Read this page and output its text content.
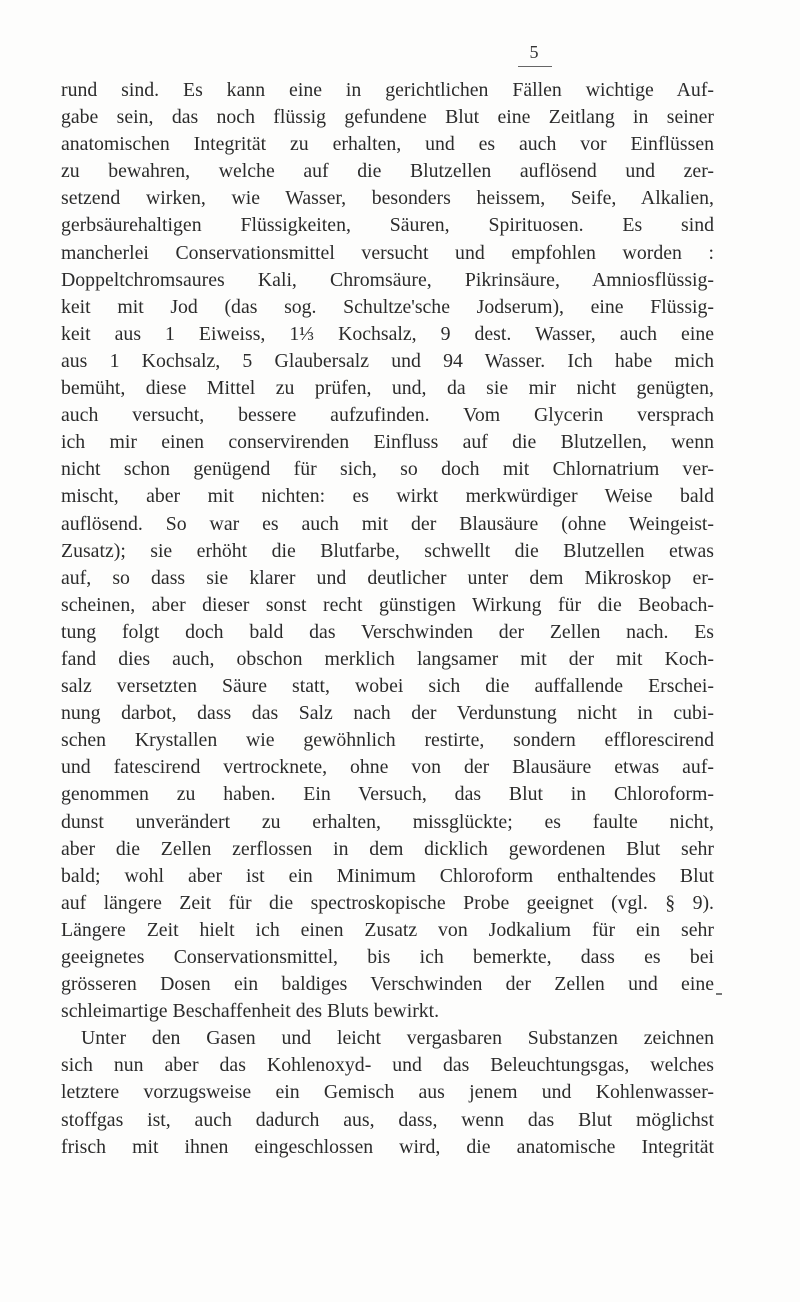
5
rund sind. Es kann eine in gerichtlichen Fällen wichtige Auf-
gabe sein, das noch flüssig gefundene Blut eine Zeitlang in seiner
anatomischen Integrität zu erhalten, und es auch vor Einflüssen
zu bewahren, welche auf die Blutzellen auflösend und zer-
setzend wirken, wie Wasser, besonders heissem, Seife, Alkalien,
gerbsäurehaltigen Flüssigkeiten, Säuren, Spirituosen. Es sind
mancherlei Conservationsmittel versucht und empfohlen worden :
Doppeltchromsaures Kali, Chromsäure, Pikrinsäure, Amniosflüssig-
keit mit Jod (das sog. Schultze'sche Jodserum), eine Flüssig-
keit aus 1 Eiweiss, 1⅓ Kochsalz, 9 dest. Wasser, auch eine
aus 1 Kochsalz, 5 Glaubersalz und 94 Wasser. Ich habe mich
bemüht, diese Mittel zu prüfen, und, da sie mir nicht genügten,
auch versucht, bessere aufzufinden. Vom Glycerin versprach
ich mir einen conservirenden Einfluss auf die Blutzellen, wenn
nicht schon genügend für sich, so doch mit Chlornatrium ver-
mischt, aber mit nichten: es wirkt merkwürdiger Weise bald
auflösend. So war es auch mit der Blausäure (ohne Weingeist-
Zusatz); sie erhöht die Blutfarbe, schwellt die Blutzellen etwas
auf, so dass sie klarer und deutlicher unter dem Mikroskop er-
scheinen, aber dieser sonst recht günstigen Wirkung für die Beobach-
tung folgt doch bald das Verschwinden der Zellen nach. Es
fand dies auch, obschon merklich langsamer mit der mit Koch-
salz versetzten Säure statt, wobei sich die auffallende Erschei-
nung darbot, dass das Salz nach der Verdunstung nicht in cubi-
schen Krystallen wie gewöhnlich restirte, sondern efflorescirend
und fatescirend vertrocknete, ohne von der Blausäure etwas auf-
genommen zu haben. Ein Versuch, das Blut in Chloroform-
dunst unverändert zu erhalten, missglückte; es faulte nicht,
aber die Zellen zerflossen in dem dicklich gewordenen Blut sehr
bald; wohl aber ist ein Minimum Chloroform enthaltendes Blut
auf längere Zeit für die spectroskopische Probe geeignet (vgl. § 9).
Längere Zeit hielt ich einen Zusatz von Jodkalium für ein sehr
geeignetes Conservationsmittel, bis ich bemerkte, dass es bei
grösseren Dosen ein baldiges Verschwinden der Zellen und eine
schleimartige Beschaffenheit des Bluts bewirkt.
Unter den Gasen und leicht vergasbaren Substanzen zeichnen
sich nun aber das Kohlenoxyd- und das Beleuchtungsgas, welches
letztere vorzugsweise ein Gemisch aus jenem und Kohlenwasser-
stoffgas ist, auch dadurch aus, dass, wenn das Blut möglichst
frisch mit ihnen eingeschlossen wird, die anatomische Integrität
